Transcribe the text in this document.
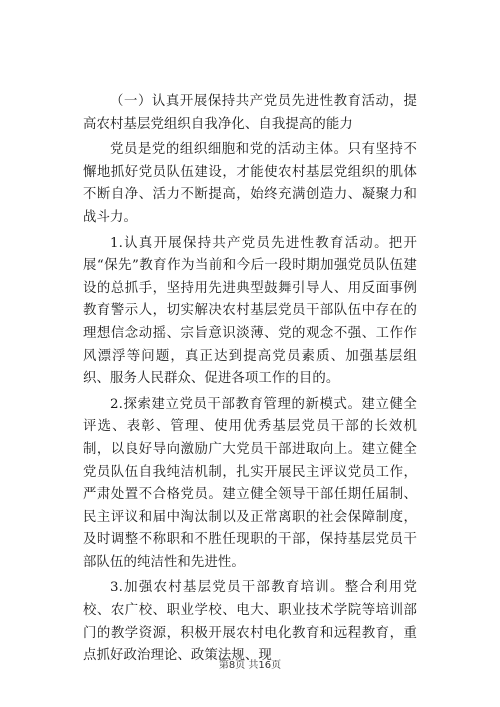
（一）认真开展保持共产党员先进性教育活动，提高农村基层党组织自我净化、自我提高的能力

党员是党的组织细胞和党的活动主体。只有坚持不懈地抓好党员队伍建设，才能使农村基层党组织的肌体不断自净、活力不断提高，始终充满创造力、凝聚力和战斗力。

1.认真开展保持共产党员先进性教育活动。把开展“保先”教育作为当前和今后一段时期加强党员队伍建设的总抓手，坚持用先进典型鼓舞引导人、用反面事例教育警示人，切实解决农村基层党员干部队伍中存在的理想信念动摇、宗旨意识淡薄、党的观念不强、工作作风漂浮等问题，真正达到提高党员素质、加强基层组织、服务人民群众、促进各项工作的目的。

2.探索建立党员干部教育管理的新模式。建立健全评选、表彰、管理、使用优秀基层党员干部的长效机制，以良好导向激励广大党员干部进取向上。建立健全党员队伍自我纯洁机制，扎实开展民主评议党员工作，严肃处置不合格党员。建立健全领导干部任期任届制、民主评议和届中淘汰制以及正常离职的社会保障制度，及时调整不称职和不胜任现职的干部，保持基层党员干部队伍的纯洁性和先进性。

3.加强农村基层党员干部教育培训。整合利用党校、农广校、职业学校、电大、职业技术学院等培训部门的教学资源，积极开展农村电化教育和远程教育，重点抓好政治理论、政策法规、现

第8页 共16页
